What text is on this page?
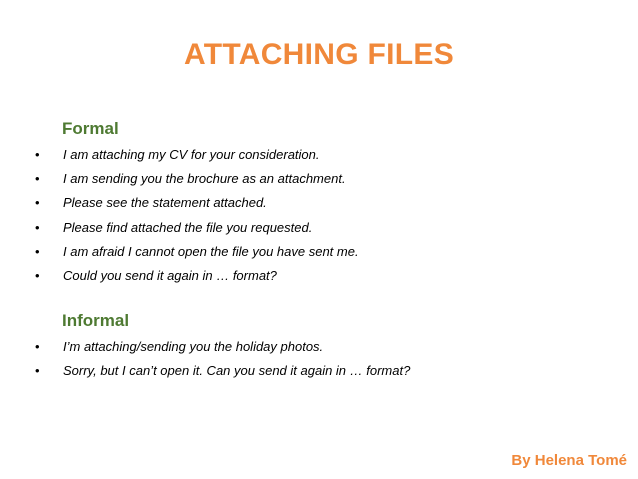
ATTACHING FILES
Formal
• I am attaching my CV for your consideration.
• I am sending you the brochure as an attachment.
• Please see the statement attached.
• Please find attached the file you requested.
• I am afraid I cannot open the file you have sent me.
• Could you send it again in … format?
Informal
• I’m attaching/sending you the holiday photos.
• Sorry, but I can’t open it. Can you send it again in … format?

By Helena Tomé
